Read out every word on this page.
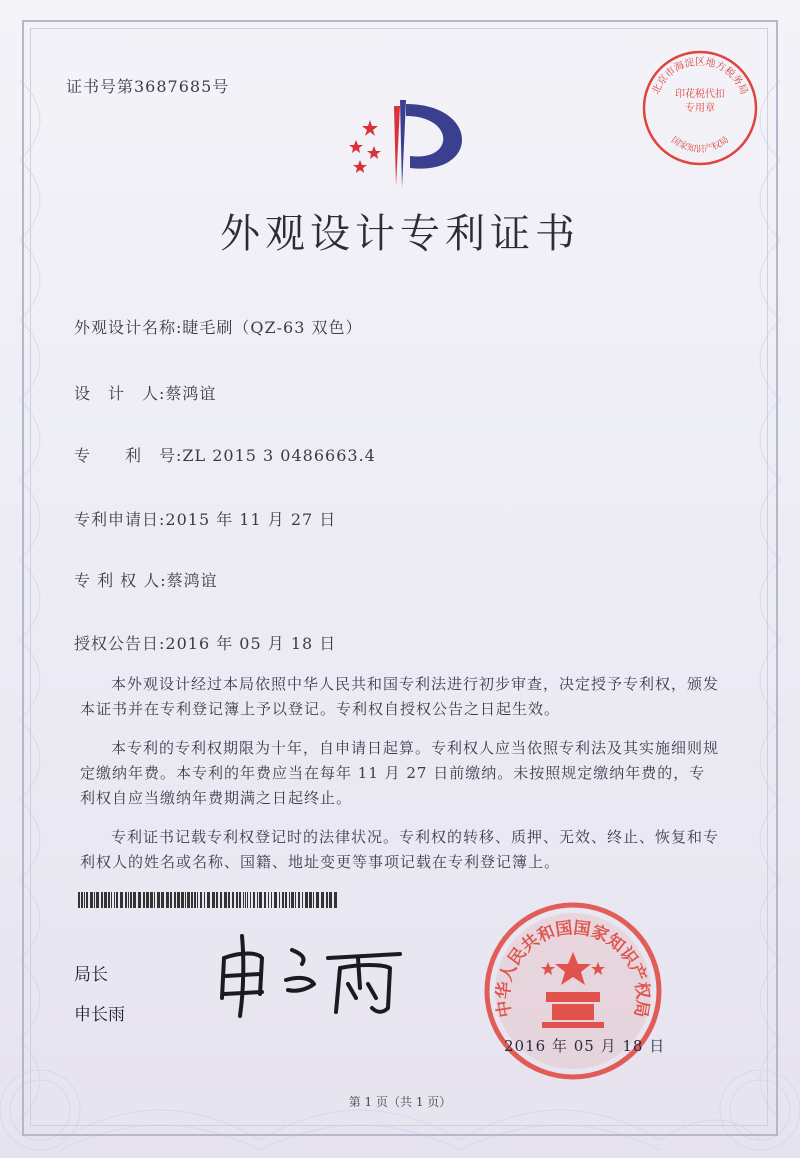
证书号第3687685号
外观设计专利证书
外观设计名称:睫毛刷（QZ-63 双色）
设　计　人:蔡鸿谊
专　　利　号:ZL 2015 3 0486663.4
专利申请日:2015 年 11 月 27 日
专 利 权 人:蔡鸿谊
授权公告日:2016 年 05 月 18 日

本外观设计经过本局依照中华人民共和国专利法进行初步审查，决定授予专利权，颁发本证书并在专利登记簿上予以登记。专利权自授权公告之日起生效。

本专利的专利权期限为十年，自申请日起算。专利权人应当依照专利法及其实施细则规定缴纳年费。本专利的年费应当在每年 11 月 27 日前缴纳。未按照规定缴纳年费的，专利权自应当缴纳年费期满之日起终止。

专利证书记载专利权登记时的法律状况。专利权的转移、质押、无效、终止、恢复和专利权人的姓名或名称、国籍、地址变更等事项记载在专利登记簿上。

局长
申长雨	中华人民共和国国家知识产权局
2016 年 05 月 18 日
北京市海淀区地方税务局
国家知识产权局
印花税代扣专用章
第 1 页（共 1 页）
